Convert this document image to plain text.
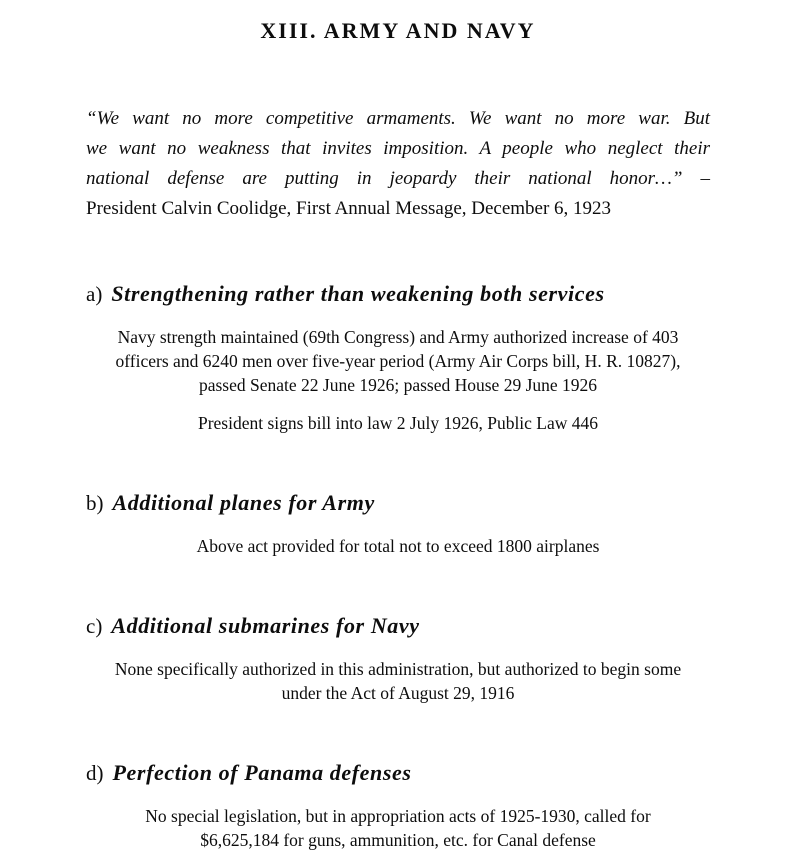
XIII. ARMY AND NAVY
“We want no more competitive armaments. We want no more war. But
we want no weakness that invites imposition. A people who neglect their
national defense are putting in jeopardy their national honor…” –
President Calvin Coolidge, First Annual Message, December 6, 1923
a) Strengthening rather than weakening both services
Navy strength maintained (69th Congress) and Army authorized increase of 403
officers and 6240 men over five-year period (Army Air Corps bill, H. R. 10827),
passed Senate 22 June 1926; passed House 29 June 1926
President signs bill into law 2 July 1926, Public Law 446
b) Additional planes for Army
Above act provided for total not to exceed 1800 airplanes
c) Additional submarines for Navy
None specifically authorized in this administration, but authorized to begin some
under the Act of August 29, 1916
d) Perfection of Panama defenses
No special legislation, but in appropriation acts of 1925-1930, called for
$6,625,184 for guns, ammunition, etc. for Canal defense
